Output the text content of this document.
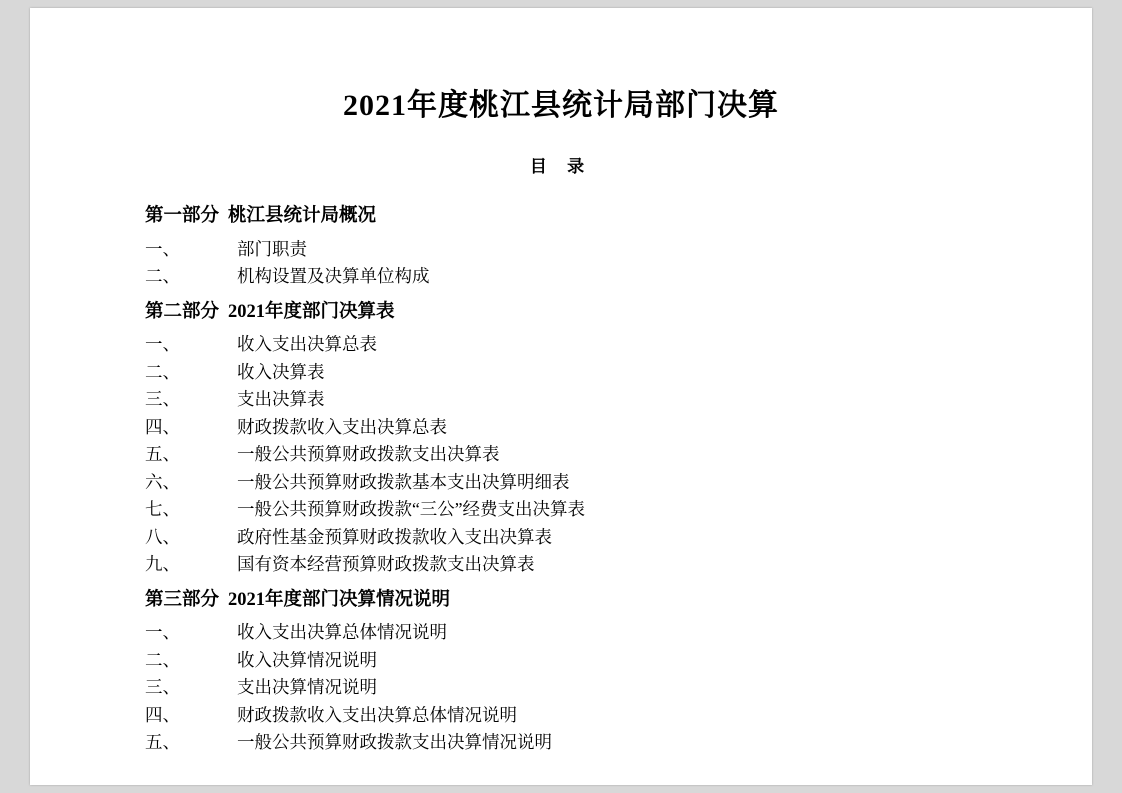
2021年度桃江县统计局部门决算
目 录
第一部分 桃江县统计局概况
一、	部门职责
二、	机构设置及决算单位构成
第二部分 2021年度部门决算表
一、	收入支出决算总表
二、	收入决算表
三、	支出决算表
四、	财政拨款收入支出决算总表
五、	一般公共预算财政拨款支出决算表
六、	一般公共预算财政拨款基本支出决算明细表
七、	一般公共预算财政拨款“三公”经费支出决算表
八、	政府性基金预算财政拨款收入支出决算表
九、	国有资本经营预算财政拨款支出决算表
第三部分 2021年度部门决算情况说明
一、	收入支出决算总体情况说明
二、	收入决算情况说明
三、	支出决算情况说明
四、	财政拨款收入支出决算总体情况说明
五、	一般公共预算财政拨款支出决算情况说明
